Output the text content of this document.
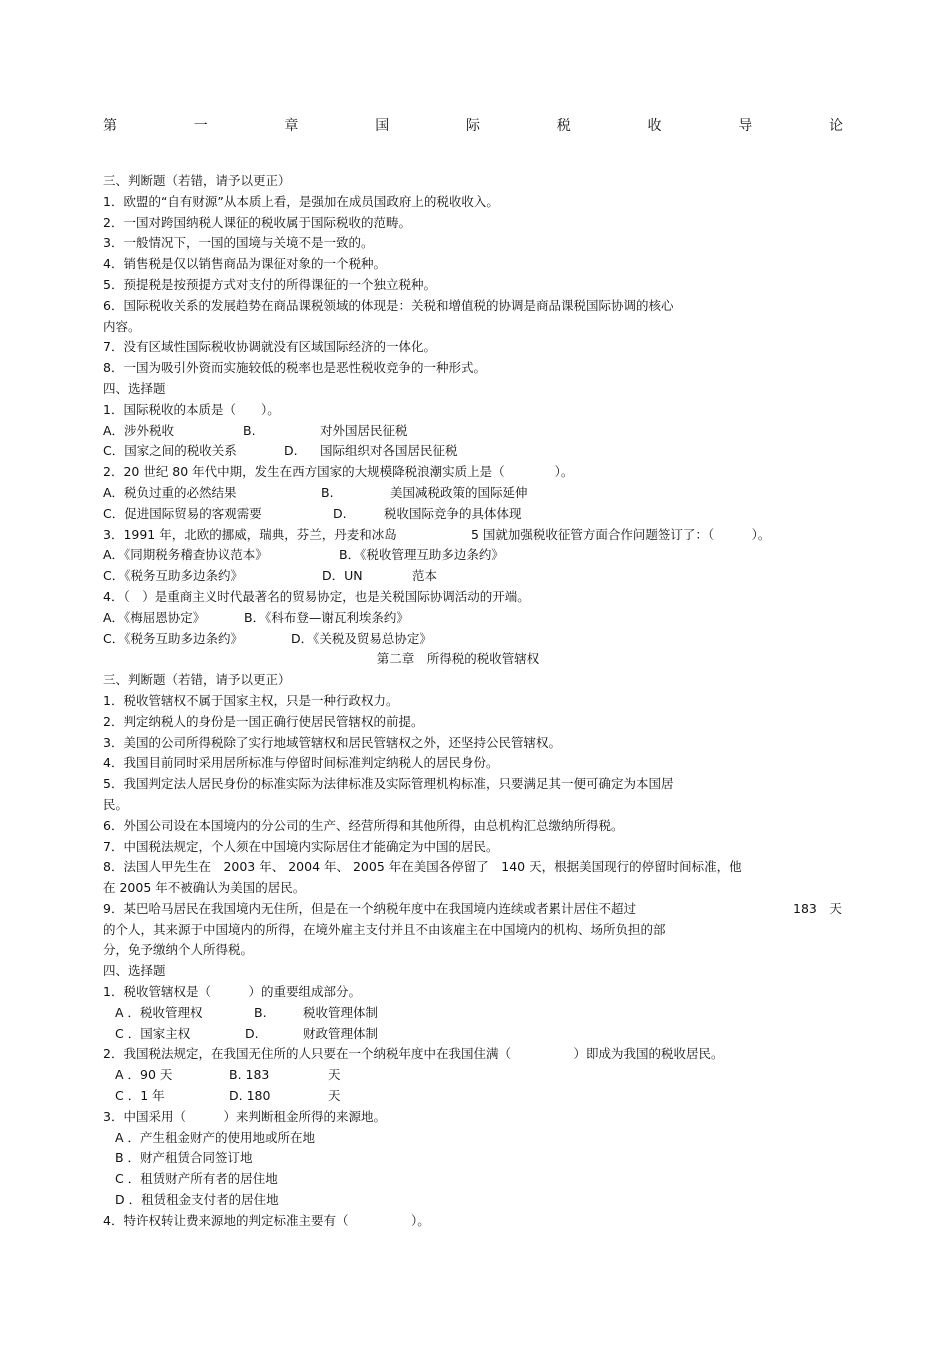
第	一	章	国	际	税	收	导	论
三、判断题（若错，请予以更正）
1．欧盟的“自有财源”从本质上看，是强加在成员国政府上的税收收入。
2．一国对跨国纳税人课征的税收属于国际税收的范畴。
3．一般情况下，一国的国境与关境不是一致的。
4．销售税是仅以销售商品为课征对象的一个税种。
5．预提税是按预提方式对支付的所得课征的一个独立税种。
6．国际税收关系的发展趋势在商品课税领域的体现是：关税和增值税的协调是商品课税国际协调的核心
内容。
7．没有区域性国际税收协调就没有区域国际经济的一体化。
8．一国为吸引外资而实施较低的税率也是恶性税收竞争的一种形式。
四、选择题
1．国际税收的本质是（　　）。
A．涉外税收	B.	对外国居民征税
C．国家之间的税收关系	D. 国际组织对各国居民征税
2．20 世纪 80 年代中期，发生在西方国家的大规模降税浪潮实质上是（　　　　）。
A．税负过重的必然结果	B.	美国减税政策的国际延伸
C．促进国际贸易的客观需要	D.	税收国际竞争的具体体现
3．1991 年，北欧的挪威，瑞典，芬兰，丹麦和冰岛	5 国就加强税收征管方面合作问题签订了：（　　　）。
A．《同期税务稽查协议范本》	B．《税收管理互助多边条约》
C．《税务互助多边条约》	D．UN	范本
4．（　）是重商主义时代最著名的贸易协定，也是关税国际协调活动的开端。
A．《梅屈恩协定》	B．《科布登—谢瓦利埃条约》
C．《税务互助多边条约》	D．《关税及贸易总协定》
第二章　所得税的税收管辖权
三、判断题（若错，请予以更正）
1．税收管辖权不属于国家主权，只是一种行政权力。
2．判定纳税人的身份是一国正确行使居民管辖权的前提。
3．美国的公司所得税除了实行地域管辖权和居民管辖权之外，还坚持公民管辖权。
4．我国目前同时采用居所标准与停留时间标准判定纳税人的居民身份。
5．我国判定法人居民身份的标准实际为法律标准及实际管理机构标准，只要满足其一便可确定为本国居
民。
6．外国公司设在本国境内的分公司的生产、经营所得和其他所得，由总机构汇总缴纳所得税。
7．中国税法规定，个人须在中国境内实际居住才能确定为中国的居民。
8．法国人甲先生在　2003 年、 2004 年、 2005 年在美国各停留了　140 天，根据美国现行的停留时间标准，他
在 2005 年不被确认为美国的居民。
9．某巴哈马居民在我国境内无住所，但是在一个纳税年度中在我国境内连续或者累计居住不超过	183　天
的个人，其来源于中国境内的所得，在境外雇主支付并且不由该雇主在中国境内的机构、场所负担的部
分，免予缴纳个人所得税。
四、选择题
1．税收管辖权是（　　　）的重要组成部分。
A ．税收管理权	B.	税收管理体制
C ．国家主权	D.	财政管理体制
2．我国税法规定，在我国无住所的人只要在一个纳税年度中在我国住满（　　　　　）即成为我国的税收居民。
A ．90 天	B. 183	天
C ．1 年	D. 180	天
3．中国采用（　　　）来判断租金所得的来源地。
A ．产生租金财产的使用地或所在地
B ．财产租赁合同签订地
C ．租赁财产所有者的居住地
D ．租赁租金支付者的居住地
4．特许权转让费来源地的判定标准主要有（　　　　　）。
